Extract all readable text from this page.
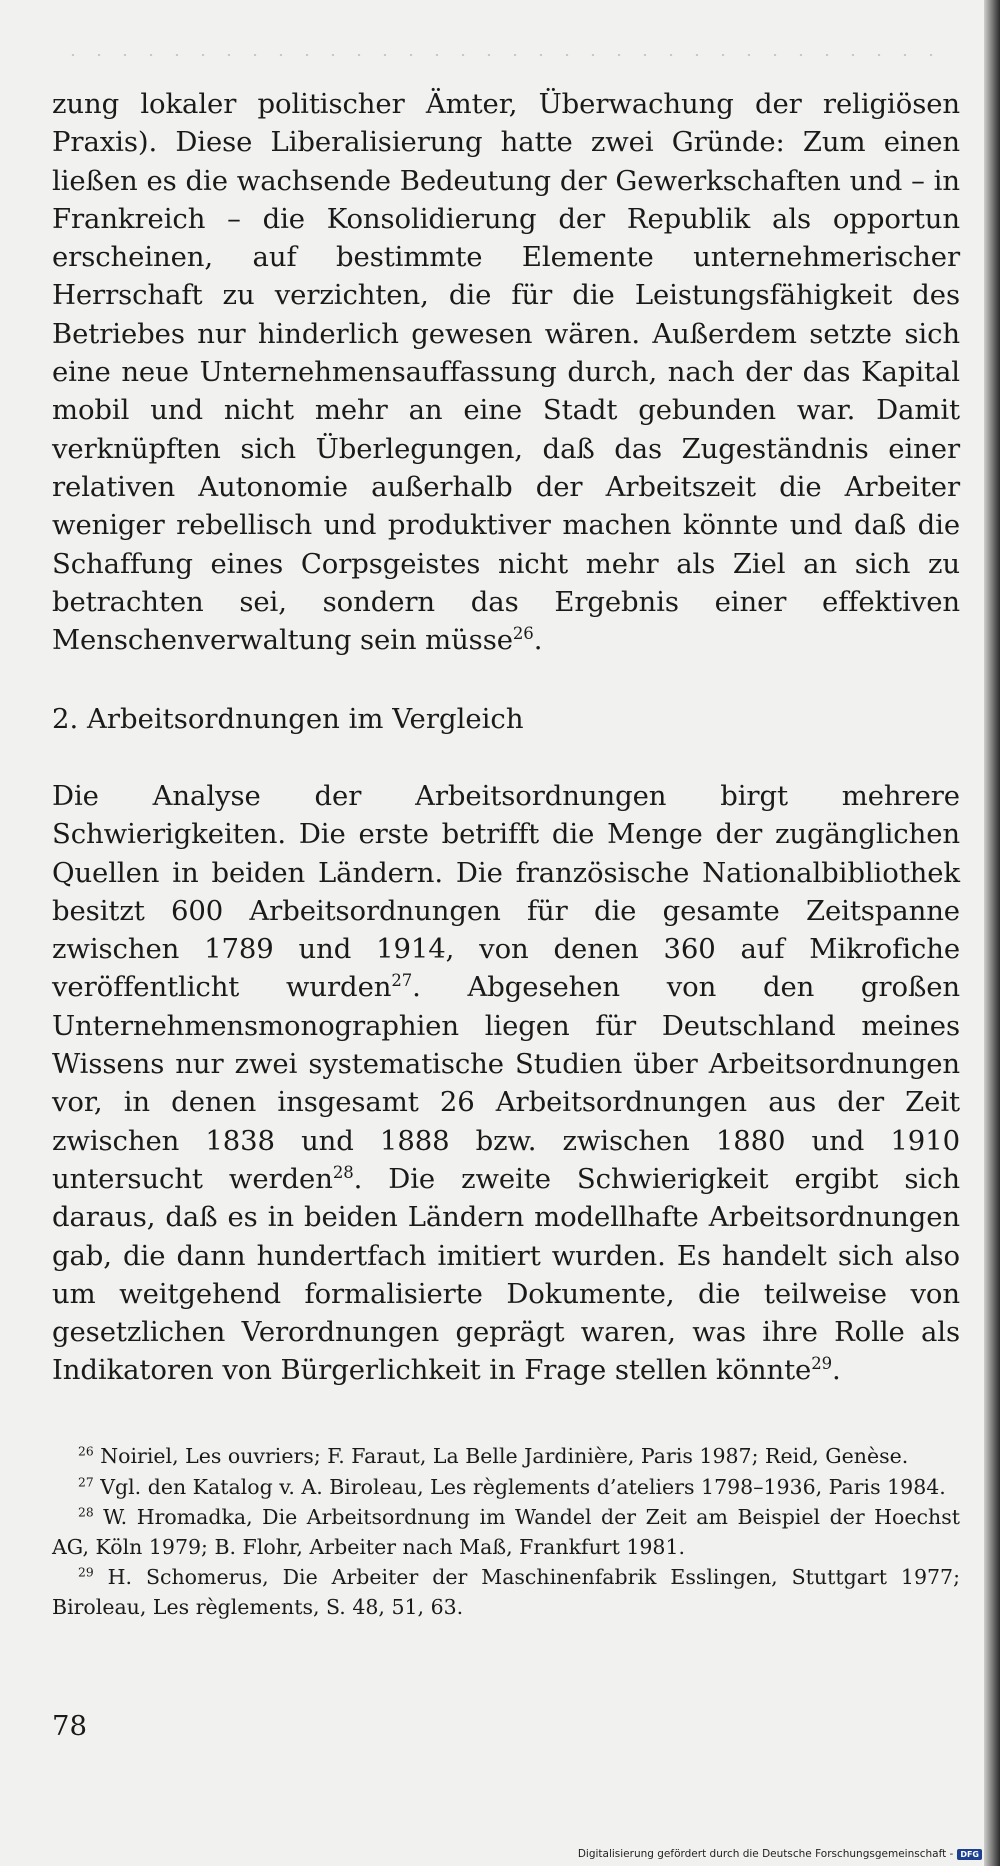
zung lokaler politischer Ämter, Überwachung der religiösen Praxis). Diese Liberalisierung hatte zwei Gründe: Zum einen ließen es die wachsende Bedeutung der Gewerkschaften und – in Frankreich – die Konsolidierung der Republik als opportun erscheinen, auf bestimmte Elemente unternehmerischer Herrschaft zu verzichten, die für die Leistungsfähigkeit des Betriebes nur hinderlich gewesen wären. Außerdem setzte sich eine neue Unternehmensauffassung durch, nach der das Kapital mobil und nicht mehr an eine Stadt gebunden war. Damit verknüpften sich Überlegungen, daß das Zugeständnis einer relativen Autonomie außerhalb der Arbeitszeit die Arbeiter weniger rebellisch und produktiver machen könnte und daß die Schaffung eines Corpsgeistes nicht mehr als Ziel an sich zu betrachten sei, sondern das Ergebnis einer effektiven Menschenverwaltung sein müsse$^{26}$.

2. Arbeitsordnungen im Vergleich

Die Analyse der Arbeitsordnungen birgt mehrere Schwierigkeiten. Die erste betrifft die Menge der zugänglichen Quellen in beiden Ländern. Die französische Nationalbibliothek besitzt 600 Arbeitsordnungen für die gesamte Zeitspanne zwischen 1789 und 1914, von denen 360 auf Mikrofiche veröffentlicht wurden$^{27}$. Abgesehen von den großen Unternehmensmonographien liegen für Deutschland meines Wissens nur zwei systematische Studien über Arbeitsordnungen vor, in denen insgesamt 26 Arbeitsordnungen aus der Zeit zwischen 1838 und 1888 bzw. zwischen 1880 und 1910 untersucht werden$^{28}$. Die zweite Schwierigkeit ergibt sich daraus, daß es in beiden Ländern modellhafte Arbeitsordnungen gab, die dann hundertfach imitiert wurden. Es handelt sich also um weitgehend formalisierte Dokumente, die teilweise von gesetzlichen Verordnungen geprägt waren, was ihre Rolle als Indikatoren von Bürgerlichkeit in Frage stellen könnte$^{29}$.

$^{26}$ Noiriel, Les ouvriers; F. Faraut, La Belle Jardinière, Paris 1987; Reid, Genèse.

$^{27}$ Vgl. den Katalog v. A. Biroleau, Les règlements d’ateliers 1798–1936, Paris 1984.

$^{28}$ W. Hromadka, Die Arbeitsordnung im Wandel der Zeit am Beispiel der Hoechst AG, Köln 1979; B. Flohr, Arbeiter nach Maß, Frankfurt 1981.

$^{29}$ H. Schomerus, Die Arbeiter der Maschinenfabrik Esslingen, Stuttgart 1977; Biroleau, Les règlements, S. 48, 51, 63.

78
Digitalisierung gefördert durch die Deutsche Forschungsgemeinschaft - DFG
